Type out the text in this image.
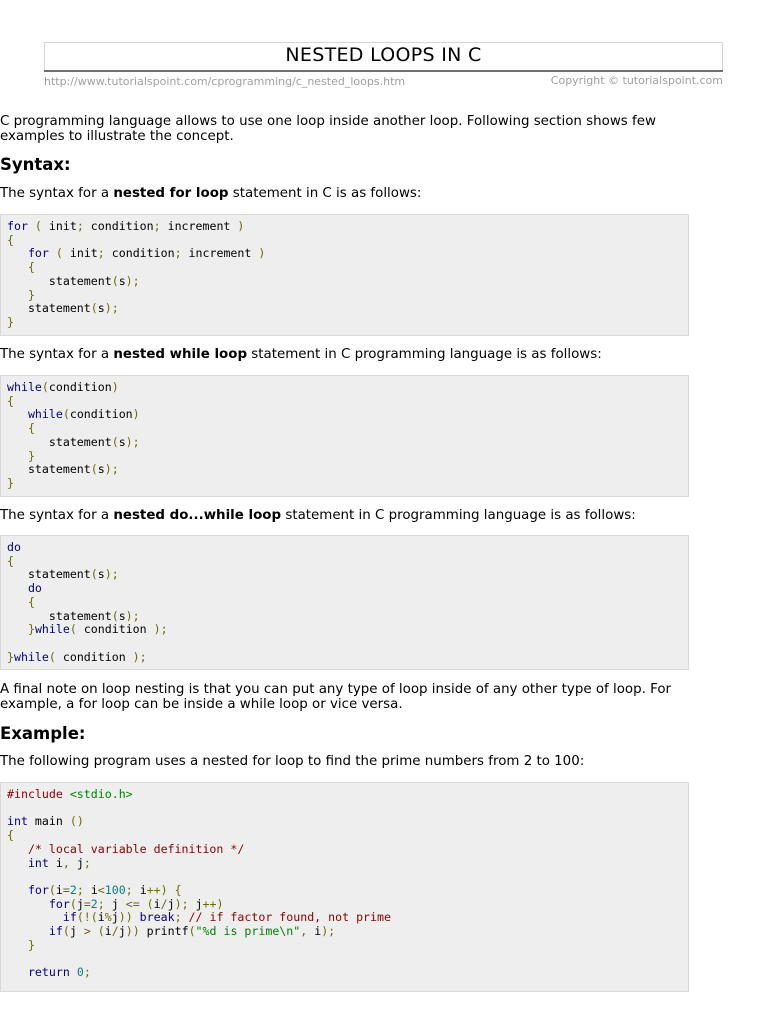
NESTED LOOPS IN C
http://www.tutorialspoint.com/cprogramming/c_nested_loops.htm	Copyright © tutorialspoint.com

C programming language allows to use one loop inside another loop. Following section shows few examples to illustrate the concept.

Syntax:

The syntax for a nested for loop statement in C is as follows:

for ( init; condition; increment )
{
for ( init; condition; increment )
{
statement(s);
}
statement(s);
}

The syntax for a nested while loop statement in C programming language is as follows:

while(condition)
{
while(condition)
{
statement(s);
}
statement(s);
}

The syntax for a nested do...while loop statement in C programming language is as follows:

do
{
statement(s);
do
{
statement(s);
}while( condition );

}while( condition );

A final note on loop nesting is that you can put any type of loop inside of any other type of loop. For example, a for loop can be inside a while loop or vice versa.

Example:

The following program uses a nested for loop to find the prime numbers from 2 to 100:

#include <stdio.h>

int main ()
{
/* local variable definition */
int i, j;

for(i=2; i<100; i++) {
for(j=2; j <= (i/j); j++)
if(!(i%j)) break; // if factor found, not prime
if(j > (i/j)) printf("%d is prime\n", i);
}

return 0;
